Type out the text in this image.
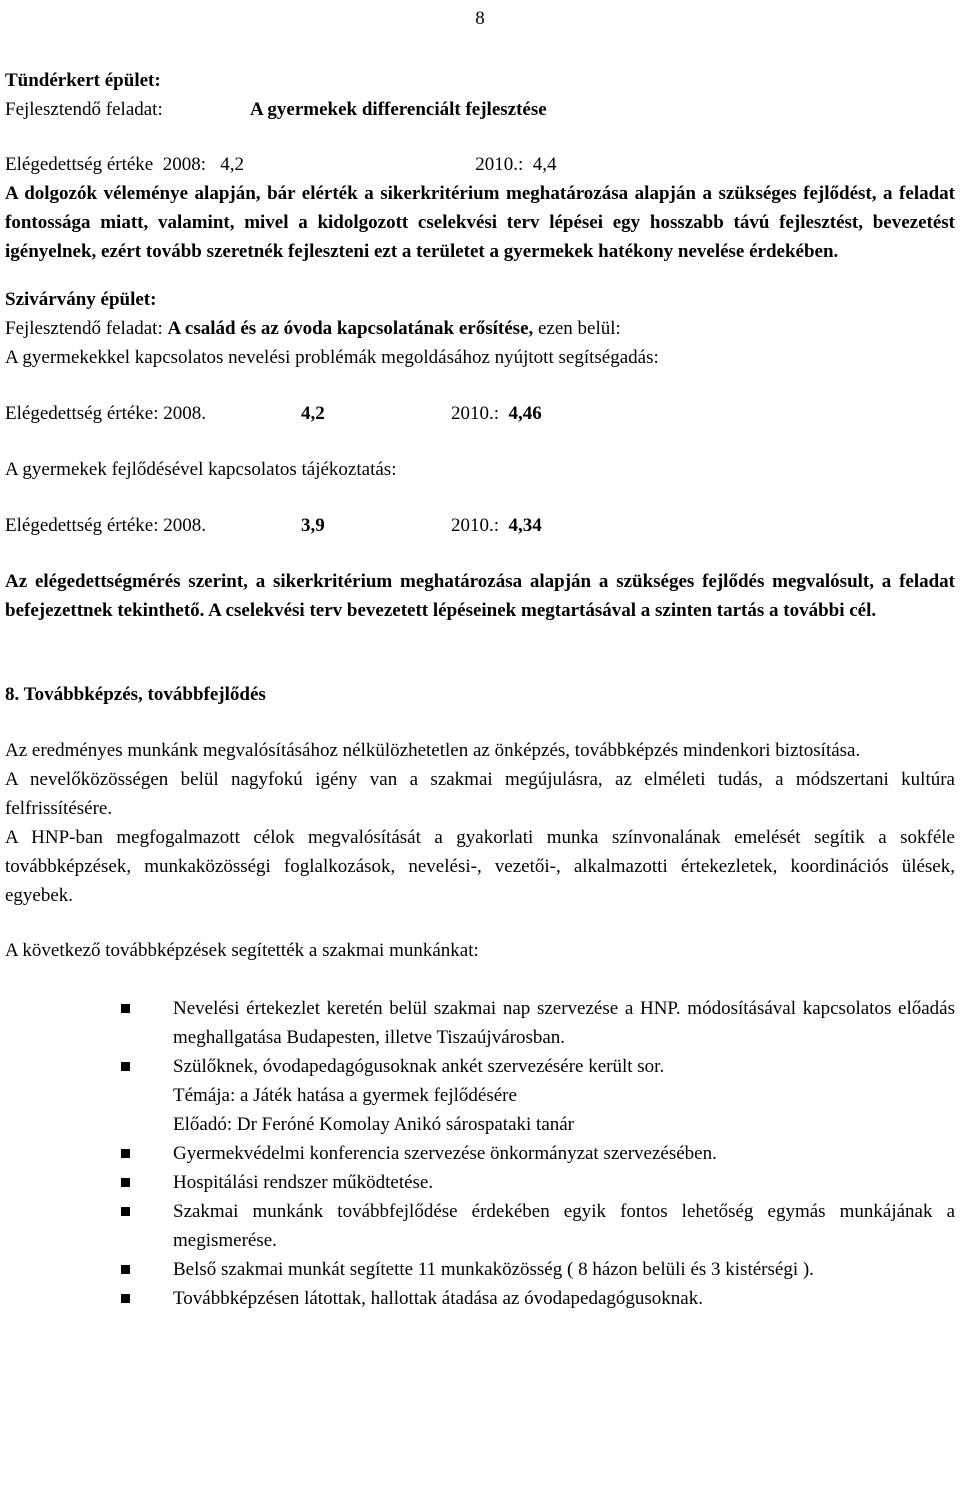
8

Tündérkert épület:

Fejlesztendő feladat:	A gyermekek differenciált fejlesztése

Elégedettség értéke 2008: 4,2	2010.: 4,4

A dolgozók véleménye alapján, bár elérték a sikerkritérium meghatározása alapján a szükséges fejlődést, a feladat fontossága miatt, valamint, mivel a kidolgozott cselekvési terv lépései egy hosszabb távú fejlesztést, bevezetést igényelnek, ezért tovább szeretnék fejleszteni ezt a területet a gyermekek hatékony nevelése érdekében.

Szivárvány épület:

Fejlesztendő feladat: A család és az óvoda kapcsolatának erősítése, ezen belül:

A gyermekekkel kapcsolatos nevelési problémák megoldásához nyújtott segítségadás:

Elégedettség értéke: 2008.	4,2	2010.: 4,46

A gyermekek fejlődésével kapcsolatos tájékoztatás:

Elégedettség értéke: 2008.	3,9	2010.: 4,34

Az elégedettségmérés szerint, a sikerkritérium meghatározása alapján a szükséges fejlődés megvalósult, a feladat befejezettnek tekinthető. A cselekvési terv bevezetett lépéseinek megtartásával a szinten tartás a további cél.

8. Továbbképzés, továbbfejlődés

Az eredményes munkánk megvalósításához nélkülözhetetlen az önképzés, továbbképzés mindenkori biztosítása.

A nevelőközösségen belül nagyfokú igény van a szakmai megújulásra, az elméleti tudás, a módszertani kultúra felfrissítésére.

A HNP-ban megfogalmazott célok megvalósítását a gyakorlati munka színvonalának emelését segítik a sokféle továbbképzések, munkaközösségi foglalkozások, nevelési-, vezetői-, alkalmazotti értekezletek, koordinációs ülések, egyebek.

A következő továbbképzések segítették a szakmai munkánkat:

Nevelési értekezlet keretén belül szakmai nap szervezése a HNP. módosításával kapcsolatos előadás meghallgatása Budapesten, illetve Tiszaújvárosban.
Szülőknek, óvodapedagógusoknak ankét szervezésére került sor.
Témája: a Játék hatása a gyermek fejlődésére
Előadó: Dr Feróné Komolay Anikó sárospataki tanár
Gyermekvédelmi konferencia szervezése önkormányzat szervezésében.
Hospitálási rendszer működtetése.
Szakmai munkánk továbbfejlődése érdekében egyik fontos lehetőség egymás munkájának a megismerése.
Belső szakmai munkát segítette 11 munkaközösség ( 8 házon belüli és 3 kistérségi ).
Továbbképzésen látottak, hallottak átadása az óvodapedagógusoknak.
